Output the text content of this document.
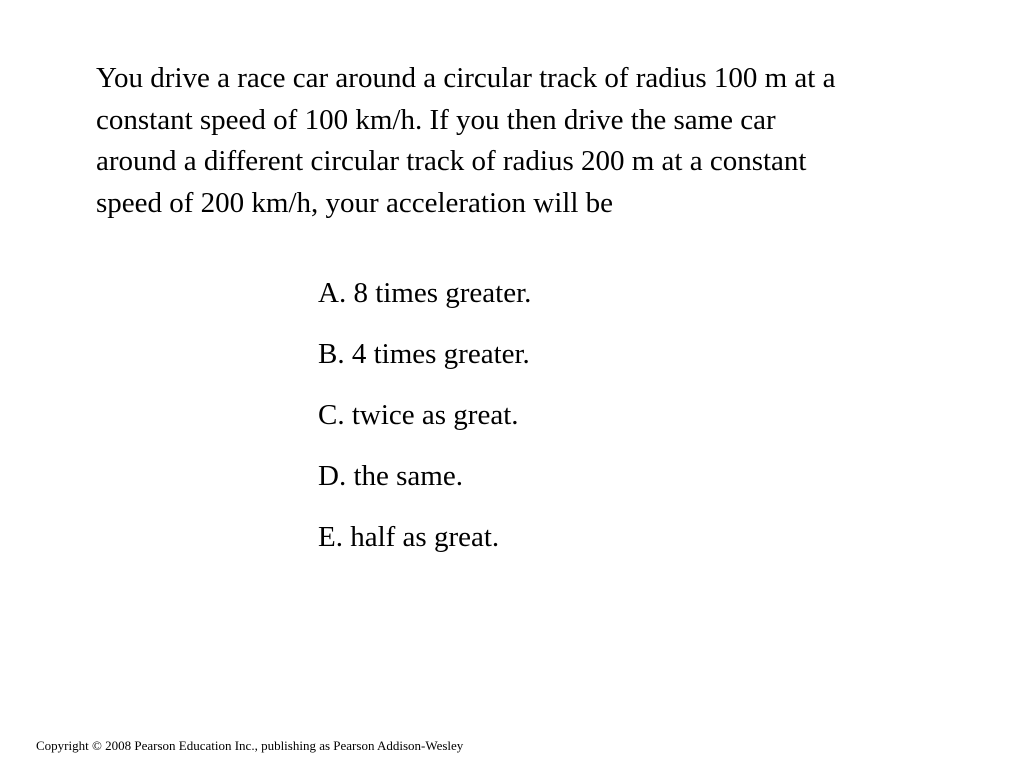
You drive a race car around a circular track of radius 100 m at a
constant speed of 100 km/h. If you then drive the same car
around a different circular track of radius 200 m at a constant
speed of 200 km/h, your acceleration will be

A. 8 times greater.
B. 4 times greater.
C. twice as great.
D. the same.
E. half as great.
Copyright © 2008 Pearson Education Inc., publishing as Pearson Addison-Wesley
